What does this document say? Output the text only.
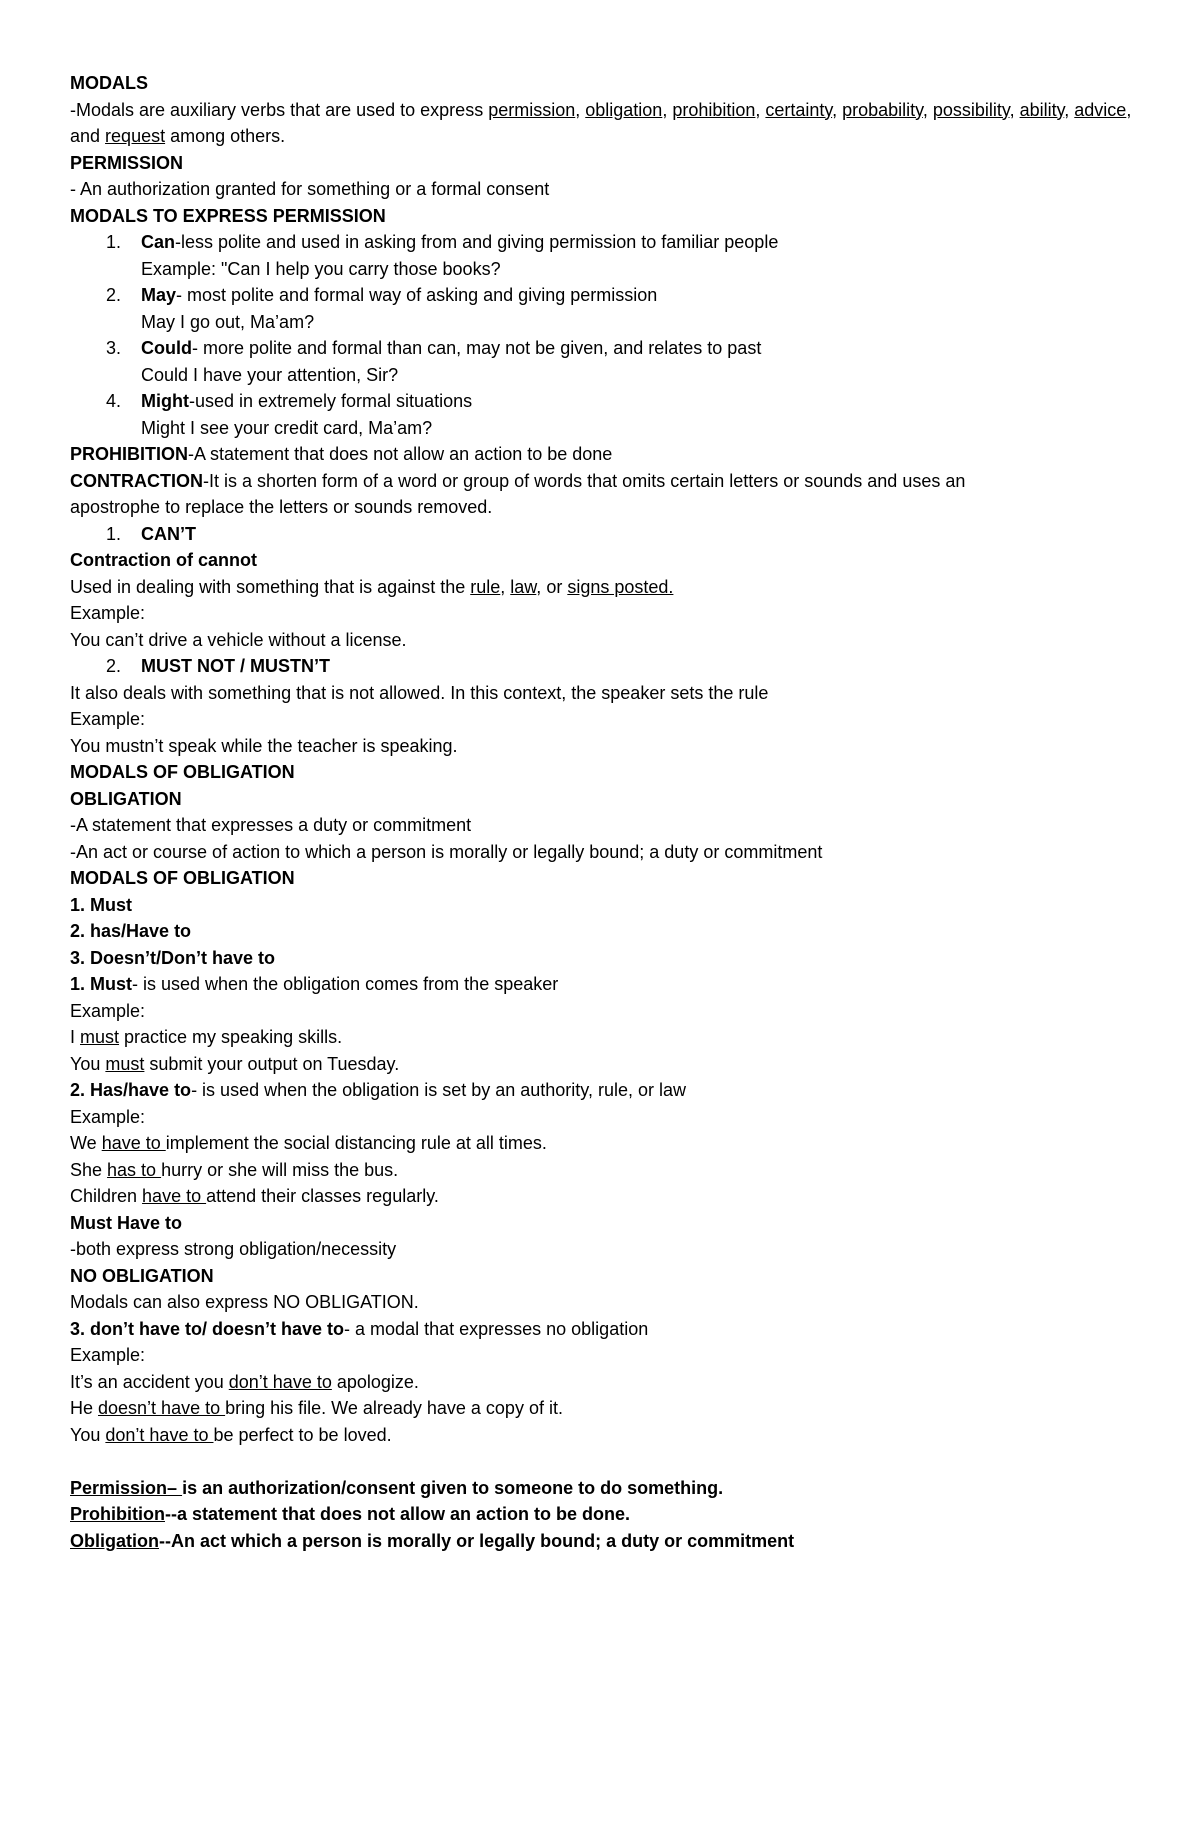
MODALS
-Modals are auxiliary verbs that are used to express permission, obligation, prohibition, certainty, probability, possibility, ability, advice, and request among others.
PERMISSION
- An authorization granted for something or a formal consent
MODALS TO EXPRESS PERMISSION
1.	Can-less polite and used in asking from and giving permission to familiar people
Example: "Can I help you carry those books?
2.	May- most polite and formal way of asking and giving permission
May I go out, Ma’am?
3.	Could- more polite and formal than can, may not be given, and relates to past
Could I have your attention, Sir?
4.	Might-used in extremely formal situations
Might I see your credit card, Ma’am?
PROHIBITION-A statement that does not allow an action to be done
CONTRACTION-It is a shorten form of a word or group of words that omits certain letters or sounds and uses an
apostrophe to replace the letters or sounds removed.
1.	CAN’T
Contraction of cannot
Used in dealing with something that is against the rule, law, or signs posted.
Example:
You can’t drive a vehicle without a license.
2.	MUST NOT / MUSTN’T
It also deals with something that is not allowed. In this context, the speaker sets the rule
Example:
You mustn’t speak while the teacher is speaking.
MODALS OF OBLIGATION
OBLIGATION
-A statement that expresses a duty or commitment
-An act or course of action to which a person is morally or legally bound; a duty or commitment
MODALS OF OBLIGATION
1. Must
2. has/Have to
3. Doesn’t/Don’t have to
1. Must- is used when the obligation comes from the speaker
Example:
I must practice my speaking skills.
You must submit your output on Tuesday.
2. Has/have to- is used when the obligation is set by an authority, rule, or law
Example:
We have to implement the social distancing rule at all times.
She has to hurry or she will miss the bus.
Children have to attend their classes regularly.
Must Have to
-both express strong obligation/necessity
NO OBLIGATION
Modals can also express NO OBLIGATION.
3. don’t have to/ doesn’t have to- a modal that expresses no obligation
Example:
It’s an accident you don’t have to apologize.
He doesn’t have to bring his file. We already have a copy of it.
You don’t have to be perfect to be loved.
Permission– is an authorization/consent given to someone to do something.
Prohibition--a statement that does not allow an action to be done.
Obligation--An act which a person is morally or legally bound; a duty or commitment
